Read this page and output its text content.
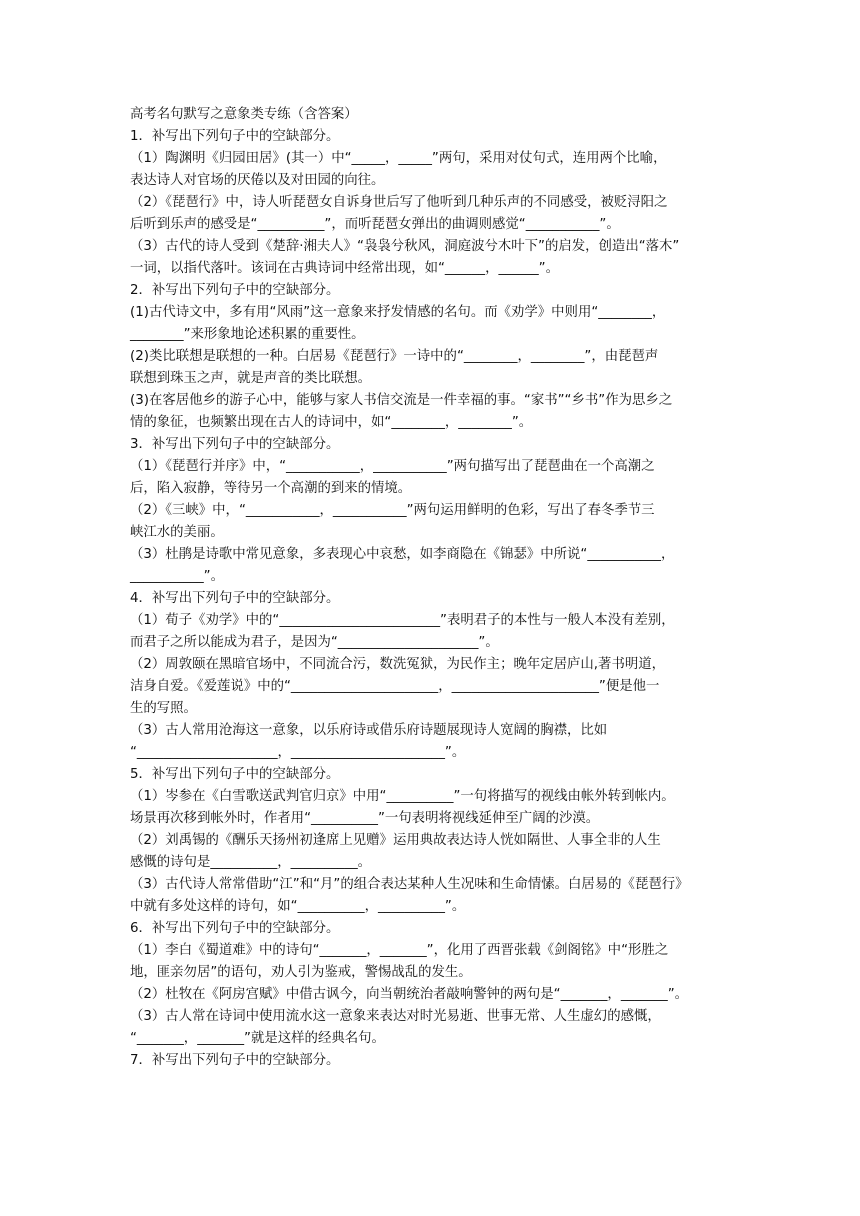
高考名句默写之意象类专练（含答案）
1．补写出下列句子中的空缺部分。
（1）陶渊明《归园田居》(其一）中“_____，_____”两句，采用对仗句式，连用两个比喻，
表达诗人对官场的厌倦以及对田园的向往。
（2）《琵琶行》中，诗人听琵琶女自诉身世后写了他听到几种乐声的不同感受，被贬浔阳之
后听到乐声的感受是“__________”，而听琵琶女弹出的曲调则感觉“___________”。
（3）古代的诗人受到《楚辞·湘夫人》“袅袅兮秋风，洞庭波兮木叶下”的启发，创造出“落木”
一词，以指代落叶。该词在古典诗词中经常出现，如“______，______”。
2．补写出下列句子中的空缺部分。
(1)古代诗文中，多有用“风雨”这一意象来抒发情感的名句。而《劝学》中则用“________，
________”来形象地论述积累的重要性。
(2)类比联想是联想的一种。白居易《琵琶行》一诗中的“________，________”，由琵琶声
联想到珠玉之声，就是声音的类比联想。
(3)在客居他乡的游子心中，能够与家人书信交流是一件幸福的事。“家书”“乡书”作为思乡之
情的象征，也频繁出现在古人的诗词中，如“________，________”。
3．补写出下列句子中的空缺部分。
（1）《琵琶行并序》中，“___________，___________”两句描写出了琵琶曲在一个高潮之
后，陷入寂静，等待另一个高潮的到来的情境。
（2）《三峡》中，“___________，___________”两句运用鲜明的色彩，写出了春冬季节三
峡江水的美丽。
（3）杜鹃是诗歌中常见意象，多表现心中哀愁，如李商隐在《锦瑟》中所说“___________，
___________”。
4．补写出下列句子中的空缺部分。
（1）荀子《劝学》中的“________________________”表明君子的本性与一般人本没有差别，
而君子之所以能成为君子，是因为“_____________________”。
（2）周敦颐在黑暗官场中，不同流合污，数洗冤狱，为民作主；晚年定居庐山,著书明道，
洁身自爱。《爱莲说》中的“______________________，______________________”便是他一
生的写照。
（3）古人常用沧海这一意象，以乐府诗或借乐府诗题展现诗人宽阔的胸襟，比如
“_____________________，_______________________”。
5．补写出下列句子中的空缺部分。
（1）岑参在《白雪歌送武判官归京》中用“__________”一句将描写的视线由帐外转到帐内。
场景再次移到帐外时，作者用“__________”一句表明将视线延伸至广阔的沙漠。
（2）刘禹锡的《酬乐天扬州初逢席上见赠》运用典故表达诗人恍如隔世、人事全非的人生
感慨的诗句是__________，__________。
（3）古代诗人常常借助“江”和“月”的组合表达某种人生况味和生命情愫。白居易的《琵琶行》
中就有多处这样的诗句，如“__________，__________”。
6．补写出下列句子中的空缺部分。
（1）李白《蜀道难》中的诗句“_______，_______”，化用了西晋张载《剑阁铭》中“形胜之
地，匪亲勿居”的语句，劝人引为鉴戒，警惕战乱的发生。
（2）杜牧在《阿房宫赋》中借古讽今，向当朝统治者敲响警钟的两句是“_______，_______”。
（3）古人常在诗词中使用流水这一意象来表达对时光易逝、世事无常、人生虚幻的感慨，
“_______，_______”就是这样的经典名句。
7．补写出下列句子中的空缺部分。
